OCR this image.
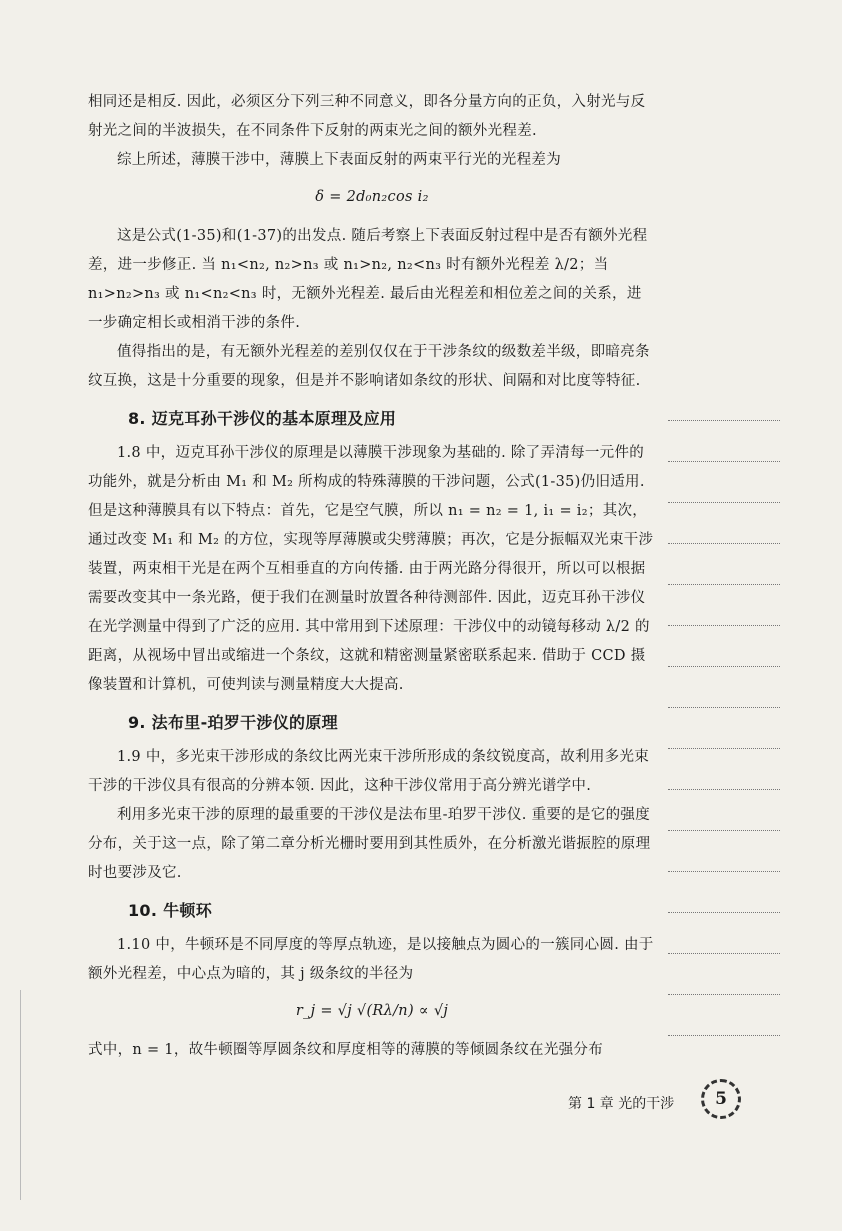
相同还是相反. 因此，必须区分下列三种不同意义，即各分量方向的正负，入射光与反射光之间的半波损失，在不同条件下反射的两束光之间的额外光程差.

综上所述，薄膜干涉中，薄膜上下表面反射的两束平行光的光程差为

δ = 2d₀n₂cos i₂

这是公式(1-35)和(1-37)的出发点. 随后考察上下表面反射过程中是否有额外光程差，进一步修正. 当 n₁<n₂, n₂>n₃ 或 n₁>n₂, n₂<n₃ 时有额外光程差 λ/2；当 n₁>n₂>n₃ 或 n₁<n₂<n₃ 时，无额外光程差. 最后由光程差和相位差之间的关系，进一步确定相长或相消干涉的条件.

值得指出的是，有无额外光程差的差别仅仅在于干涉条纹的级数差半级，即暗亮条纹互换，这是十分重要的现象，但是并不影响诸如条纹的形状、间隔和对比度等特征.

8. 迈克耳孙干涉仪的基本原理及应用

1.8 中，迈克耳孙干涉仪的原理是以薄膜干涉现象为基础的. 除了弄清每一元件的功能外，就是分析由 M₁ 和 M₂ 所构成的特殊薄膜的干涉问题，公式(1-35)仍旧适用. 但是这种薄膜具有以下特点：首先，它是空气膜，所以 n₁ = n₂ = 1, i₁ = i₂；其次，通过改变 M₁ 和 M₂ 的方位，实现等厚薄膜或尖劈薄膜；再次，它是分振幅双光束干涉装置，两束相干光是在两个互相垂直的方向传播. 由于两光路分得很开，所以可以根据需要改变其中一条光路，便于我们在测量时放置各种待测部件. 因此，迈克耳孙干涉仪在光学测量中得到了广泛的应用. 其中常用到下述原理：干涉仪中的动镜每移动 λ/2 的距离，从视场中冒出或缩进一个条纹，这就和精密测量紧密联系起来. 借助于 CCD 摄像装置和计算机，可使判读与测量精度大大提高.

9. 法布里-珀罗干涉仪的原理

1.9 中，多光束干涉形成的条纹比两光束干涉所形成的条纹锐度高，故利用多光束干涉的干涉仪具有很高的分辨本领. 因此，这种干涉仪常用于高分辨光谱学中.

利用多光束干涉的原理的最重要的干涉仪是法布里-珀罗干涉仪. 重要的是它的强度分布，关于这一点，除了第二章分析光栅时要用到其性质外，在分析激光谐振腔的原理时也要涉及它.

10. 牛顿环

1.10 中，牛顿环是不同厚度的等厚点轨迹，是以接触点为圆心的一簇同心圆. 由于额外光程差，中心点为暗的，其 j 级条纹的半径为

r_j = √j √(Rλ/n) ∝ √j

式中，n = 1，故牛顿圈等厚圆条纹和厚度相等的薄膜的等倾圆条纹在光强分布

第 1 章 光的干涉	5
